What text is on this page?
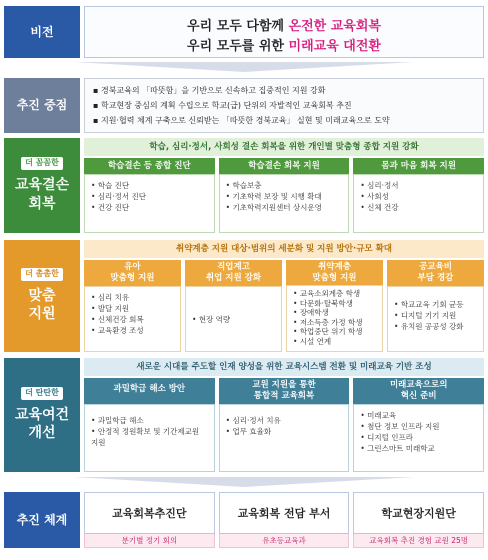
비전	우리 모두 다함께 온전한 교육회복
우리 모두를 위한 미래교육 대전환
추진 중점
▪ 경북교육의 「따뜻함」을 기반으로 신속하고 집중적인 지원 강화
▪ 학교현장 중심의 계획 수립으로 학교(급) 단위의 자발적인 교육회복 추진
▪ 지원·협력 체계 구축으로 신뢰받는 「따뜻한 경북교육」 실현 및 미래교육으로 도약
더 꼼꼼한
교육결손
회복
학습, 심리·정서, 사회성 결손 회복을 위한 개인별 맞춤형 종합 지원 강화
학습결손 등 종합 진단
• 학습 진단
• 심리·정서 진단
• 건강 진단
학습결손 회복 지원
• 학습보충
• 기초학력 보장 및 시행 확대
• 기초학력지원센터 상시운영
몸과 마음 회복 지원
• 심리·정서
• 사회성
• 신체 건강
더 촘촘한
맞춤
지원
취약계층 지원 대상·범위의 세분화 및 지원 방안·규모 확대
유아
맞춤형 지원
• 심리 치유
• 발달 지원
• 신체건강 회복
• 교육환경 조성
직업계고
취업 지원 강화
• 현장 역량
취약계층
맞춤형 지원
• 교육소외계층 학생
• 다문화·탈북학생
• 장애학생
• 저소득층 가정 학생
• 학업중단 위기 학생
• 시설 연계
공교육비
부담 경감
• 학교교육 기회 균등
• 디지털 기기 지원
• 유치원 공공성 강화
더 탄탄한
교육여건
개선
새로운 시대를 주도할 인재 양성을 위한 교육시스템 전환 및 미래교육 기반 조성
과밀학급 해소 방안
• 과밀학급 해소
• 안정적 정원확보 및 기간제교원 지원
교원 지원을 통한
통합적 교육회복
• 심리·정서 치유
• 업무 효율화
미래교육으로의
혁신 준비
• 미래교육
• 첨단 정보 인프라 지원
• 디지털 인프라
• 그린스마트 미래학교
추진 체계	교육회복추진단
분기별 정기 회의
교육회복 전담 부서
유초등교육과
학교현장지원단
교육회복 추진 경험 교원 25명
